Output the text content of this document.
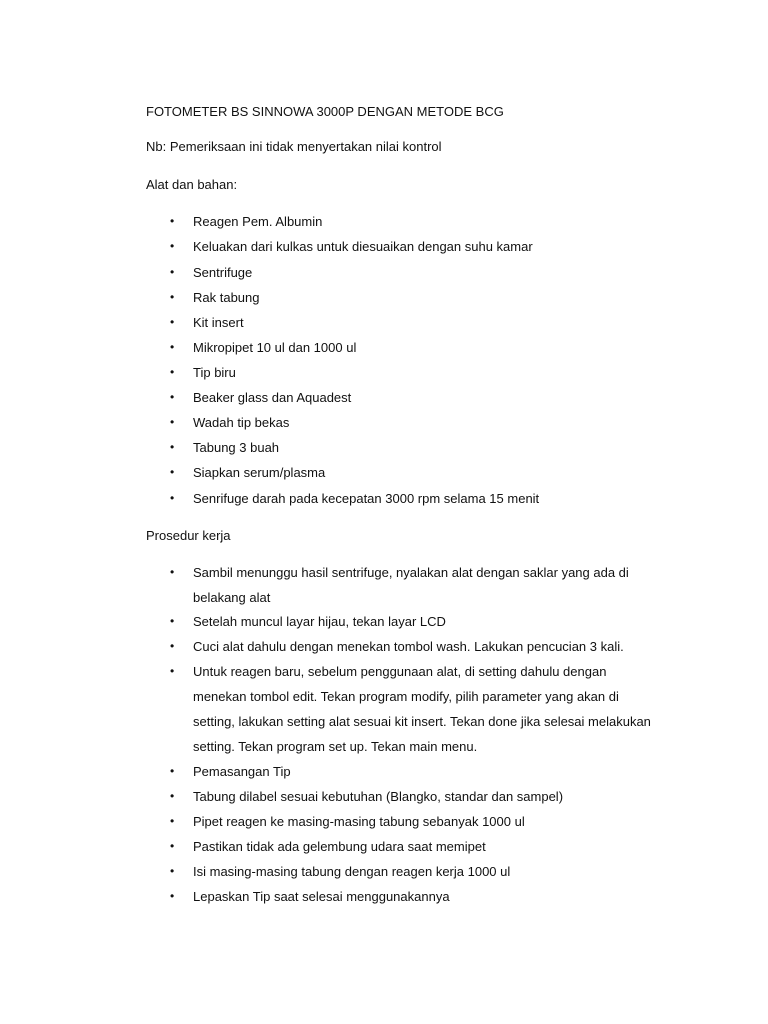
FOTOMETER BS SINNOWA 3000P DENGAN METODE BCG
Nb: Pemeriksaan ini tidak menyertakan nilai kontrol
Alat dan bahan:
•	Reagen Pem. Albumin
•	Keluakan dari kulkas untuk diesuaikan dengan suhu kamar
•	Sentrifuge
•	Rak tabung
•	Kit insert
•	Mikropipet 10 ul dan 1000 ul
•	Tip biru
•	Beaker glass dan Aquadest
•	Wadah tip bekas
•	Tabung 3 buah
•	Siapkan serum/plasma
•	Senrifuge darah pada kecepatan 3000 rpm selama 15 menit
Prosedur kerja
•	Sambil menunggu hasil sentrifuge, nyalakan alat dengan saklar yang ada di belakang alat
•	Setelah muncul layar hijau, tekan layar LCD
•	Cuci alat dahulu dengan menekan tombol wash. Lakukan pencucian 3 kali.
•	Untuk reagen baru, sebelum penggunaan alat, di setting dahulu dengan menekan tombol edit. Tekan program modify, pilih parameter yang akan di setting, lakukan setting alat sesuai kit insert. Tekan done jika selesai melakukan setting. Tekan program set up. Tekan main menu.
•	Pemasangan Tip
•	Tabung dilabel sesuai kebutuhan (Blangko, standar dan sampel)
•	Pipet reagen ke masing-masing tabung sebanyak 1000 ul
•	Pastikan tidak ada gelembung udara saat memipet
•	Isi masing-masing tabung dengan reagen kerja 1000 ul
•	Lepaskan Tip saat selesai menggunakannya
